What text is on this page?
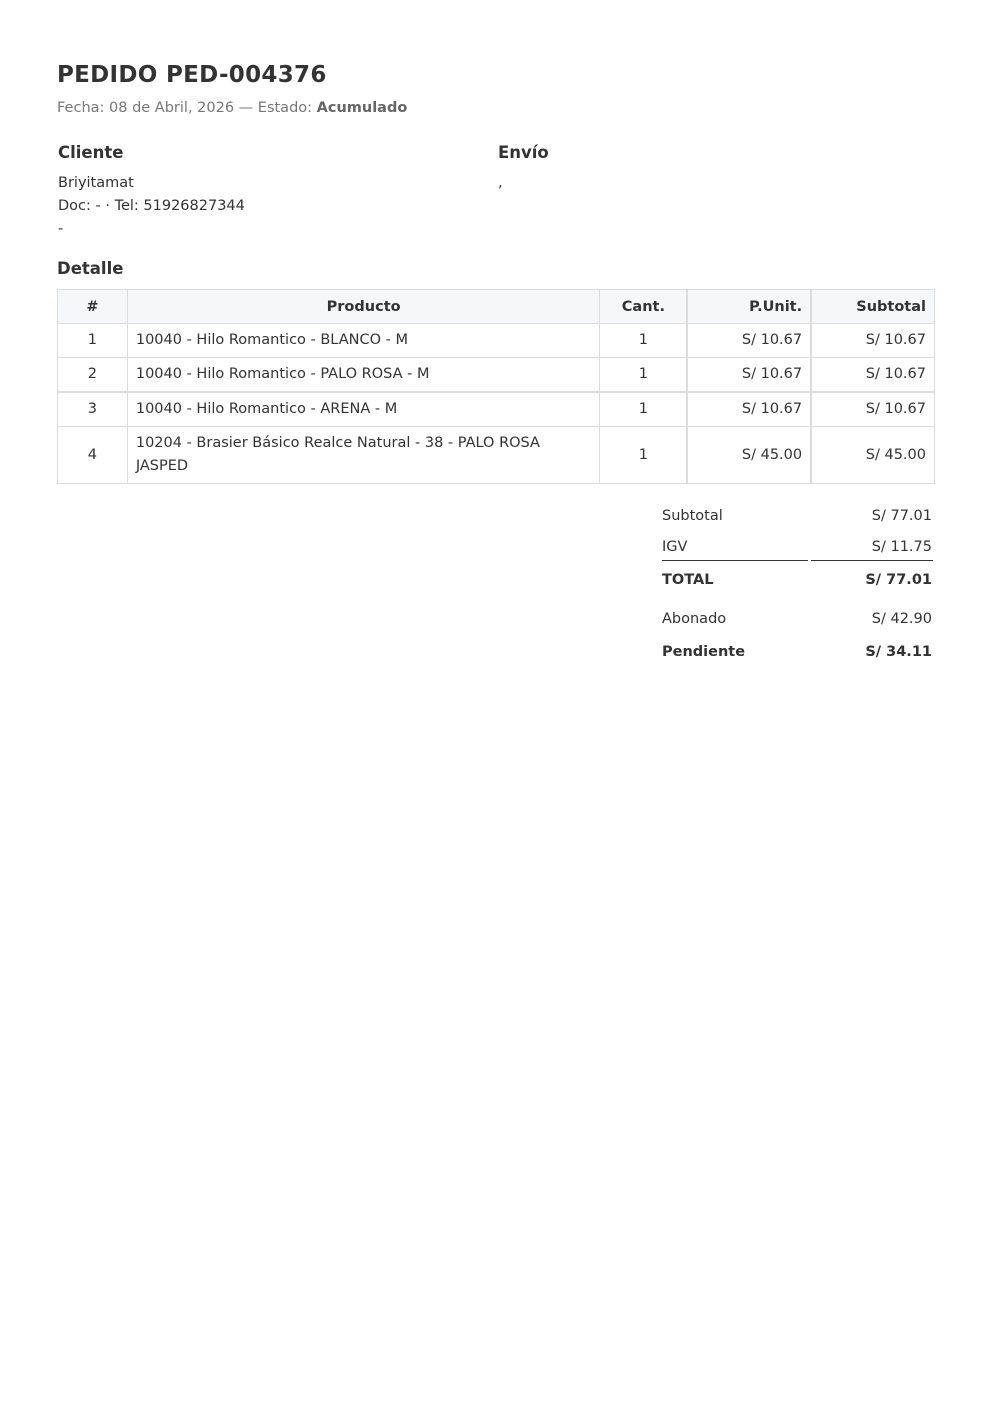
PEDIDO PED-004376
Fecha: 08 de Abril, 2026 — Estado: Acumulado
Cliente
Briyitamat
Doc: - · Tel: 51926827344
-
Envío
,
Detalle
#	Producto	Cant.	P.Unit.	Subtotal
1	10040 - Hilo Romantico - BLANCO - M	1	S/ 10.67	S/ 10.67
2	10040 - Hilo Romantico - PALO ROSA - M	1	S/ 10.67	S/ 10.67
3	10040 - Hilo Romantico - ARENA - M	1	S/ 10.67	S/ 10.67
4	10204 - Brasier Básico Realce Natural - 38 - PALO ROSA JASPED	1	S/ 45.00	S/ 45.00
Subtotal	S/ 77.01
IGV	S/ 11.75
TOTAL	S/ 77.01
Abonado	S/ 42.90
Pendiente	S/ 34.11
